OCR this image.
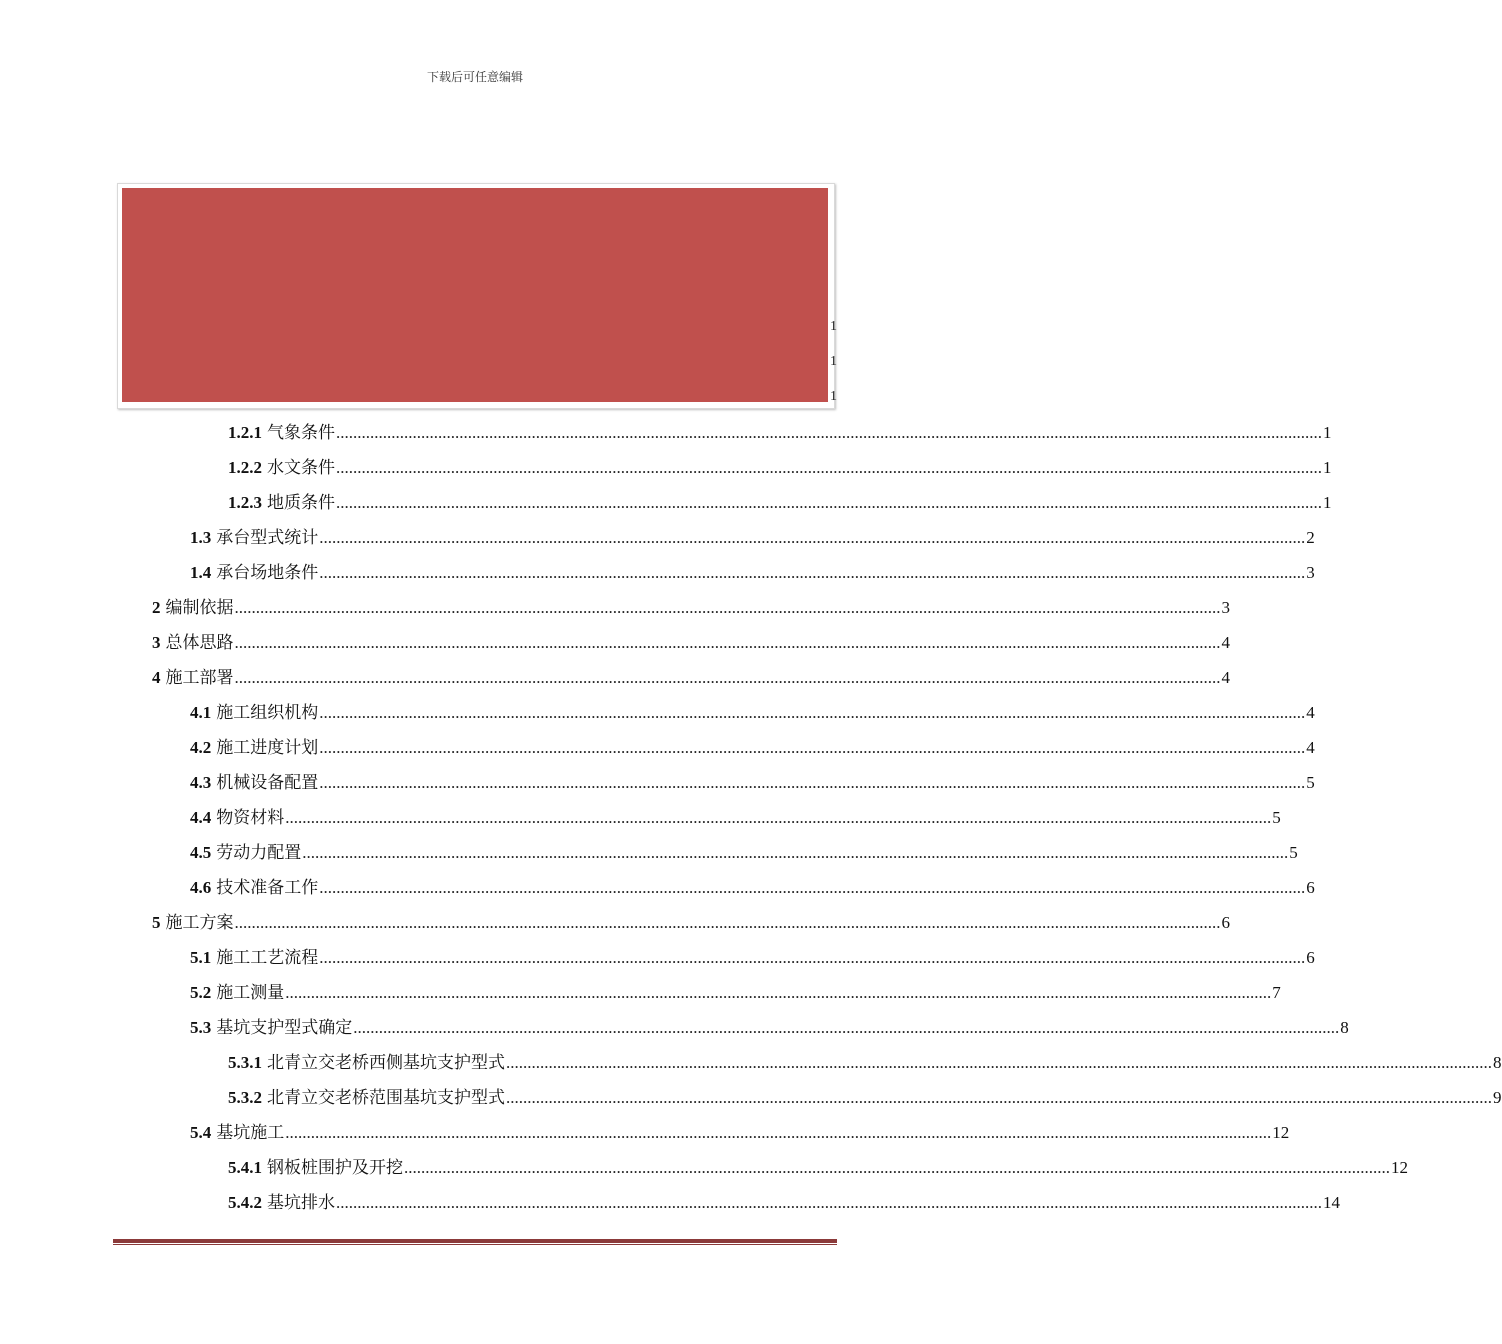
下载后可任意编辑
1
1
1
1.2.1 气象条件 .....	1
1.2.2 水文条件 .....	1
1.2.3 地质条件 .....	1
1.3 承台型式统计 .....	2
1.4 承台场地条件 .....	3
2 编制依据 .....	3
3 总体思路 .....	4
4 施工部署 .....	4
4.1 施工组织机构 .....	4
4.2 施工进度计划 .....	4
4.3 机械设备配置 .....	5
4.4 物资材料 .....	5
4.5 劳动力配置 .....	5
4.6 技术准备工作 .....	6
5 施工方案 .....	6
5.1 施工工艺流程 .....	6
5.2 施工测量 .....	7
5.3 基坑支护型式确定 .....	8
5.3.1 北青立交老桥西侧基坑支护型式 .....	8
5.3.2 北青立交老桥范围基坑支护型式 .....	9
5.4 基坑施工 .....	12
5.4.1 钢板桩围护及开挖 .....	12
5.4.2 基坑排水 .....	14
